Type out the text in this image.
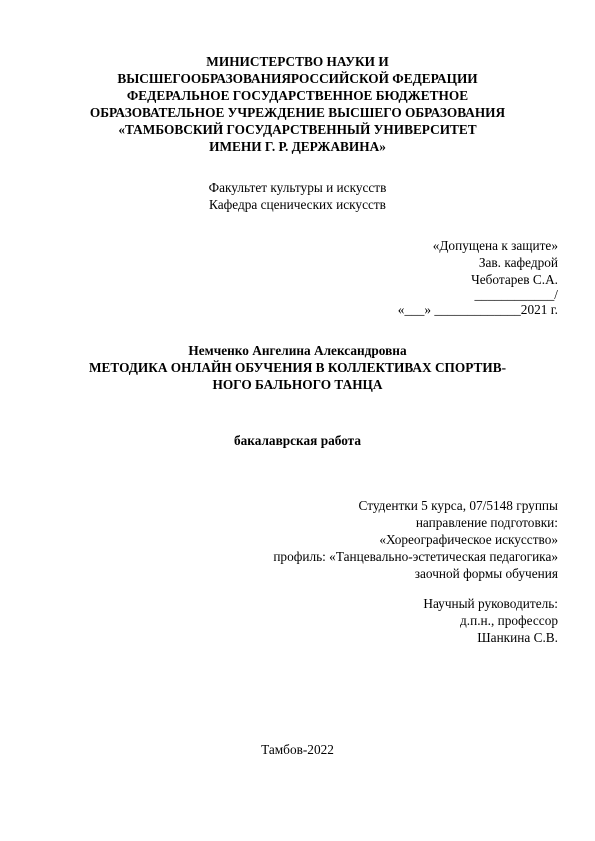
МИНИСТЕРСТВО НАУКИ И
ВЫСШЕГООБРАЗОВАНИЯРОССИЙСКОЙ ФЕДЕРАЦИИ
ФЕДЕРАЛЬНОЕ ГОСУДАРСТВЕННОЕ БЮДЖЕТНОЕ
ОБРАЗОВАТЕЛЬНОЕ УЧРЕЖДЕНИЕ ВЫСШЕГО ОБРАЗОВАНИЯ
«ТАМБОВСКИЙ ГОСУДАРСТВЕННЫЙ УНИВЕРСИТЕТ
ИМЕНИ Г. Р. ДЕРЖАВИНА»
Факультет культуры и искусств
Кафедра сценических искусств
«Допущена к защите»
Зав. кафедрой
Чеботарев С.А.
____________/
«___» _____________2021 г.
Немченко Ангелина Александровна
МЕТОДИКА ОНЛАЙН ОБУЧЕНИЯ В КОЛЛЕКТИВАХ СПОРТИВ-
НОГО БАЛЬНОГО ТАНЦА
бакалаврская работа
Студентки 5 курса, 07/5148 группы
направление подготовки:
«Хореографическое искусство»
профиль: «Танцевально-эстетическая педагогика»
заочной формы обучения
Научный руководитель:
д.п.н., профессор
Шанкина С.В.
Тамбов-2022
